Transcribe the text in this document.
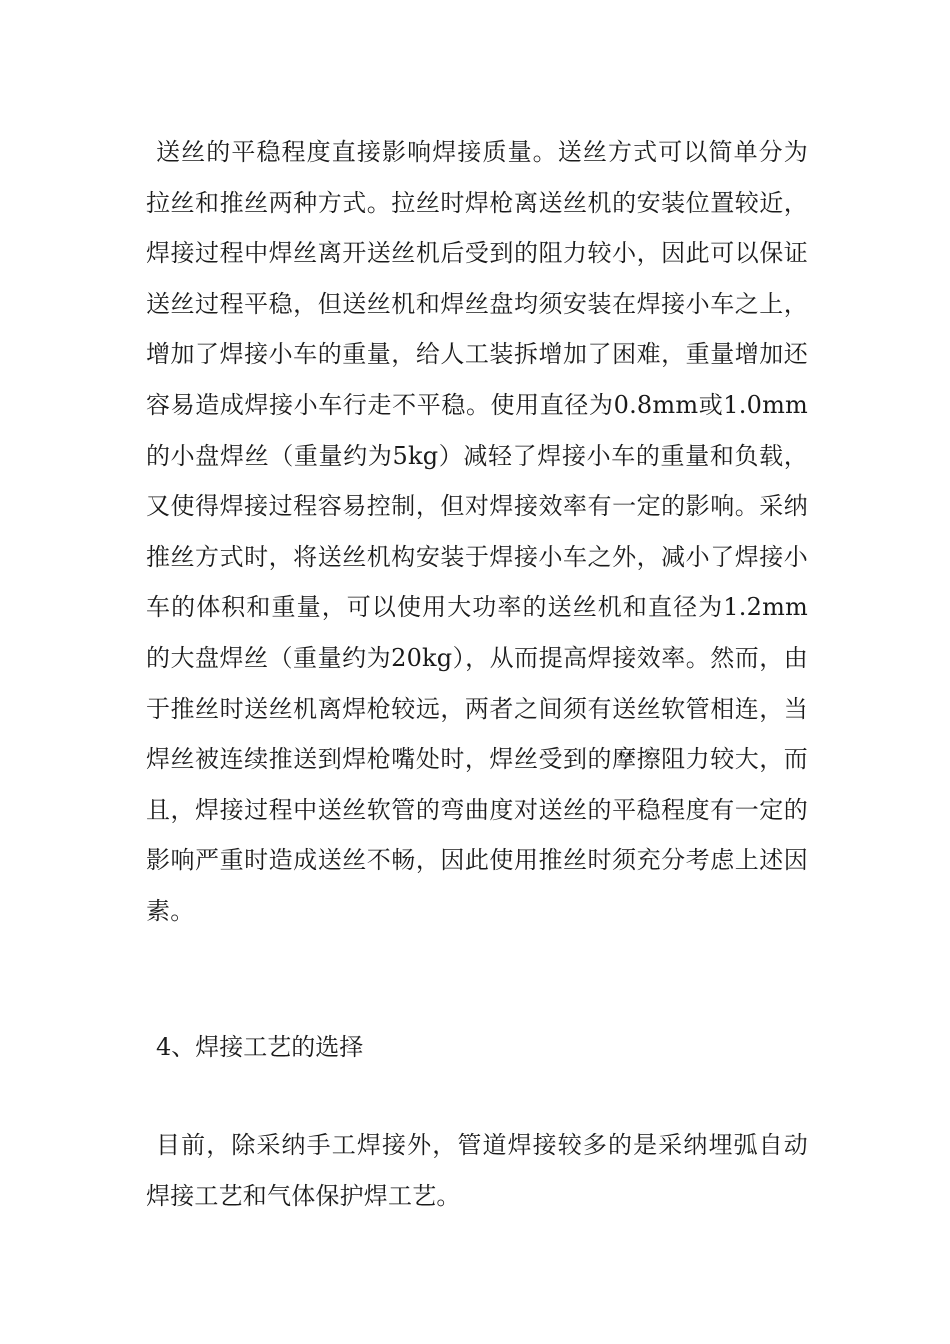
送丝的平稳程度直接影响焊接质量。送丝方式可以简单分为拉丝和推丝两种方式。拉丝时焊枪离送丝机的安装位置较近，焊接过程中焊丝离开送丝机后受到的阻力较小，因此可以保证送丝过程平稳，但送丝机和焊丝盘均须安装在焊接小车之上，增加了焊接小车的重量，给人工装拆增加了困难，重量增加还容易造成焊接小车行走不平稳。使用直径为0.8mm或1.0mm的小盘焊丝（重量约为5kg）减轻了焊接小车的重量和负载，又使得焊接过程容易控制，但对焊接效率有一定的影响。采纳推丝方式时，将送丝机构安装于焊接小车之外，减小了焊接小车的体积和重量，可以使用大功率的送丝机和直径为1.2mm的大盘焊丝（重量约为20kg），从而提高焊接效率。然而，由于推丝时送丝机离焊枪较远，两者之间须有送丝软管相连，当焊丝被连续推送到焊枪嘴处时，焊丝受到的摩擦阻力较大，而且，焊接过程中送丝软管的弯曲度对送丝的平稳程度有一定的影响严重时造成送丝不畅，因此使用推丝时须充分考虑上述因素。

4、焊接工艺的选择

目前，除采纳手工焊接外，管道焊接较多的是采纳埋弧自动焊接工艺和气体保护焊工艺。
